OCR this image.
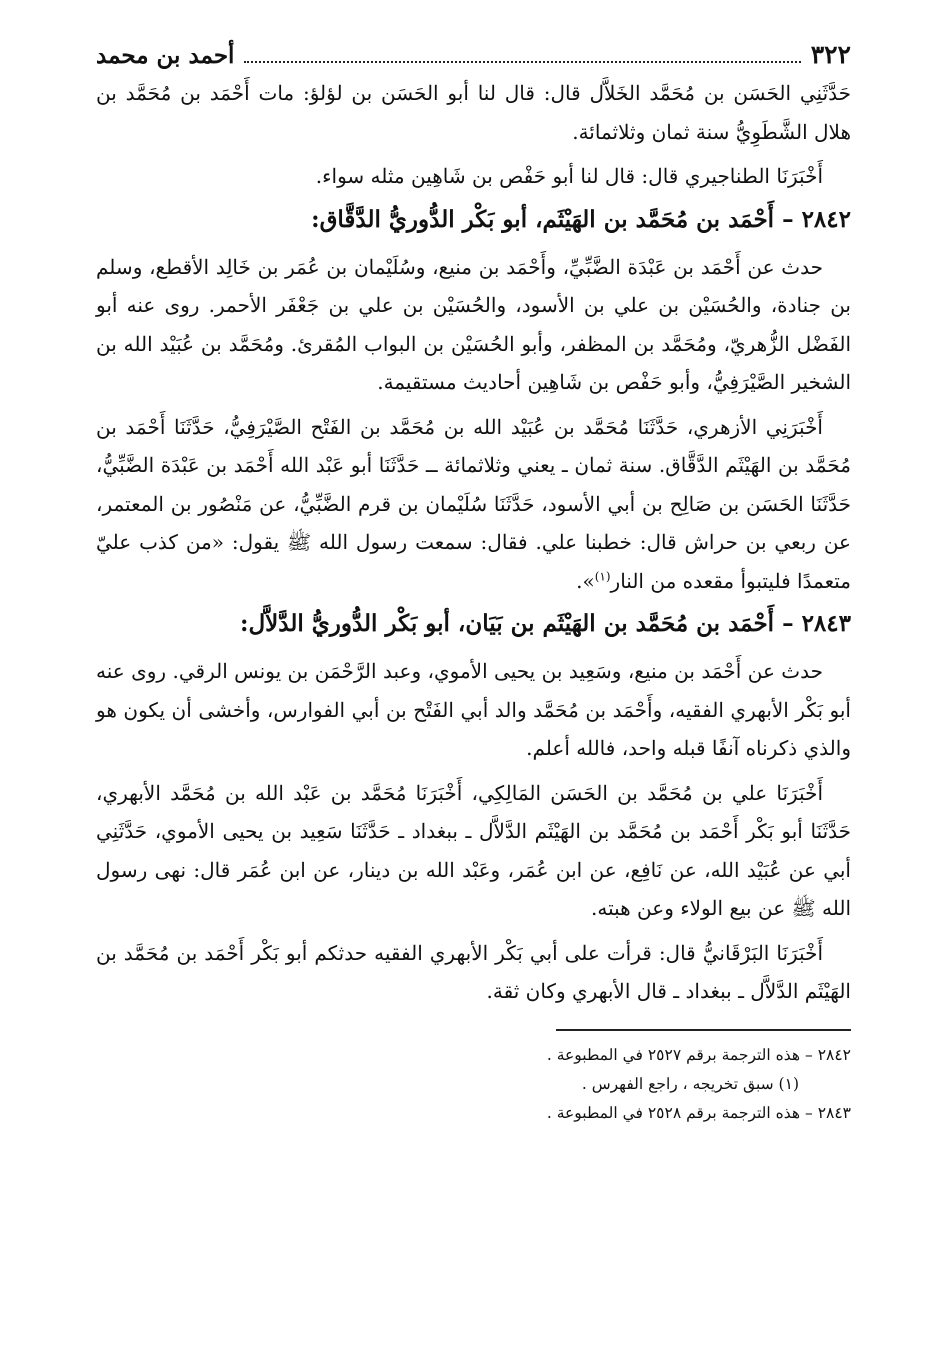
٣٢٢
أحمد بن محمد

حَدَّثَنِي الحَسَن بن مُحَمَّد الخَلاَّل قال: قال لنا أبو الحَسَن بن لؤلؤ: مات أَحْمَد بن مُحَمَّد بن هلال الشَّطَوِيُّ سنة ثمان وثلاثمائة.

أَخْبَرَنَا الطناجيري قال: قال لنا أبو حَفْص بن شَاهِين مثله سواء.

٢٨٤٢ – أَحْمَد بن مُحَمَّد بن الهَيْثَم، أبو بَكْر الدُّوريُّ الدَّقَّاق:

حدث عن أَحْمَد بن عَبْدَة الضَّبِّيِّ، وأَحْمَد بن منيع، وسُلَيْمان بن عُمَر بن خَالِد الأقطع، وسلم بن جنادة، والحُسَيْن بن علي بن الأسود، والحُسَيْن بن علي بن جَعْفَر الأحمر. روى عنه أبو الفَضْل الزُّهريّ، ومُحَمَّد بن المظفر، وأبو الحُسَيْن بن البواب المُقرئ. ومُحَمَّد بن عُبَيْد الله بن الشخير الصَّيْرَفِيُّ، وأبو حَفْص بن شَاهِين أحاديث مستقيمة.

أَخْبَرَنِي الأزهري، حَدَّثَنَا مُحَمَّد بن عُبَيْد الله بن مُحَمَّد بن الفَتْح الصَّيْرَفِيُّ، حَدَّثَنَا أَحْمَد بن مُحَمَّد بن الهَيْثَم الدَّقَّاق. سنة ثمان ـ يعني وثلاثمائة ــ حَدَّثَنَا أبو عَبْد الله أَحْمَد بن عَبْدَة الضَّبِّيُّ، حَدَّثَنَا الحَسَن بن صَالِح بن أبي الأسود، حَدَّثَنَا سُلَيْمان بن قرم الضَّبِّيُّ، عن مَنْصُور بن المعتمر، عن ربعي بن حراش قال: خطبنا علي. فقال: سمعت رسول الله ﷺ يقول: «من كذب عليّ متعمدًا فليتبوأ مقعده من النار$^{(١)}$».

٢٨٤٣ – أَحْمَد بن مُحَمَّد بن الهَيْثَم بن بَيَان، أبو بَكْر الدُّوريُّ الدَّلاَّل:

حدث عن أَحْمَد بن منيع، وسَعِيد بن يحيى الأموي، وعبد الرَّحْمَن بن يونس الرقي. روى عنه أبو بَكْر الأبهري الفقيه، وأَحْمَد بن مُحَمَّد والد أبي الفَتْح بن أبي الفوارس، وأخشى أن يكون هو والذي ذكرناه آنفًا قبله واحد، فالله أعلم.

أَخْبَرَنَا علي بن مُحَمَّد بن الحَسَن المَالِكِي، أَخْبَرَنَا مُحَمَّد بن عَبْد الله بن مُحَمَّد الأبهري، حَدَّثَنَا أبو بَكْر أَحْمَد بن مُحَمَّد بن الهَيْثَم الدَّلاَّل ـ ببغداد ـ حَدَّثَنَا سَعِيد بن يحيى الأموي، حَدَّثَنِي أبي عن عُبَيْد الله، عن نَافِع، عن ابن عُمَر، وعَبْد الله بن دينار، عن ابن عُمَر قال: نهى رسول الله ﷺ عن بيع الولاء وعن هبته.

أَخْبَرَنَا البَرْقَانيُّ قال: قرأت على أبي بَكْر الأبهري الفقيه حدثكم أبو بَكْر أَحْمَد بن مُحَمَّد بن الهَيْثَم الدَّلاَّل ـ ببغداد ـ قال الأبهري وكان ثقة.

٢٨٤٢ – هذه الترجمة برقم ٢٥٢٧ في المطبوعة .

(١) سبق تخريجه ، راجع الفهرس .

٢٨٤٣ – هذه الترجمة برقم ٢٥٢٨ في المطبوعة .
